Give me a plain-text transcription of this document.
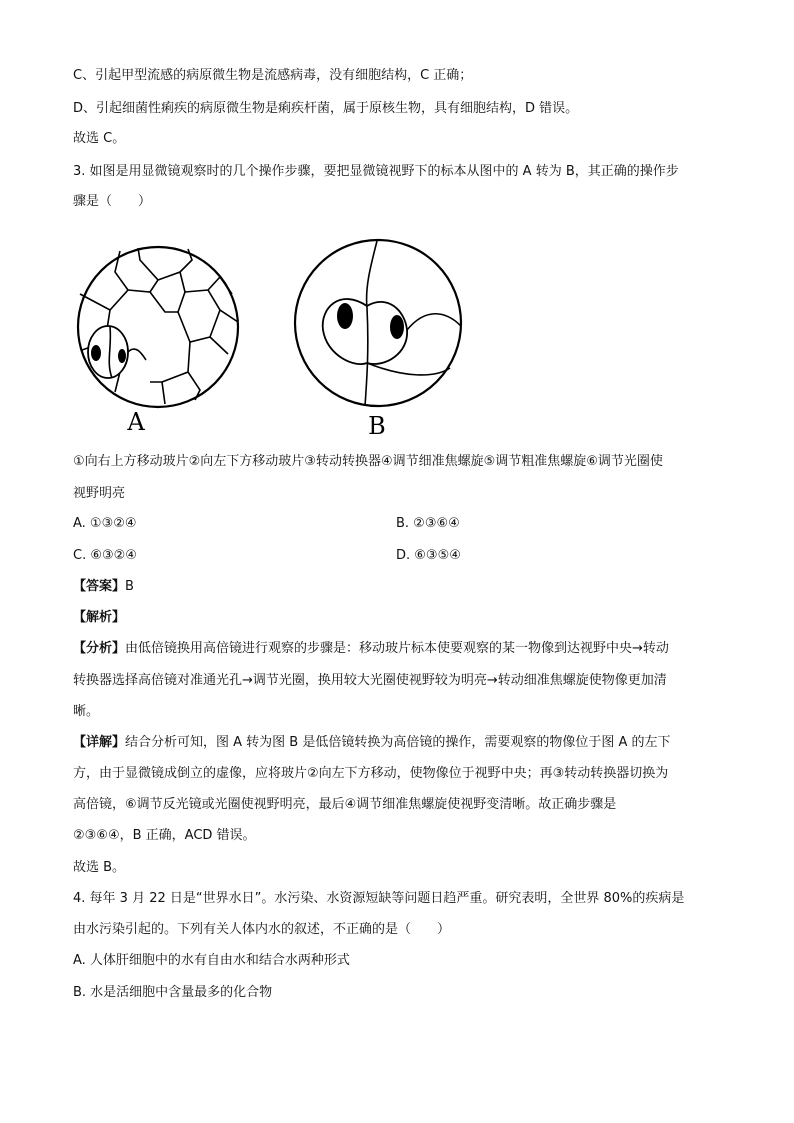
C、引起甲型流感的病原微生物是流感病毒，没有细胞结构，C 正确；
D、引起细菌性痢疾的病原微生物是痢疾杆菌，属于原核生物，具有细胞结构，D 错误。
故选 C。
3. 如图是用显微镜观察时的几个操作步骤，要把显微镜视野下的标本从图中的 A 转为 B，其正确的操作步
骤是（　　）
A	B
①向右上方移动玻片②向左下方移动玻片③转动转换器④调节细准焦螺旋⑤调节粗准焦螺旋⑥调节光圈使
视野明亮
A. ①③②④	B. ②③⑥④
C. ⑥③②④	D. ⑥③⑤④
【答案】B
【解析】
【分析】由低倍镜换用高倍镜进行观察的步骤是：移动玻片标本使要观察的某一物像到达视野中央→转动
转换器选择高倍镜对准通光孔→调节光圈，换用较大光圈使视野较为明亮→转动细准焦螺旋使物像更加清
晰。
【详解】结合分析可知，图 A 转为图 B 是低倍镜转换为高倍镜的操作，需要观察的物像位于图 A 的左下
方，由于显微镜成倒立的虚像，应将玻片②向左下方移动，使物像位于视野中央；再③转动转换器切换为
高倍镜，⑥调节反光镜或光圈使视野明亮，最后④调节细准焦螺旋使视野变清晰。故正确步骤是
②③⑥④，B 正确，ACD 错误。
故选 B。
4. 每年 3 月 22 日是“世界水日”。水污染、水资源短缺等问题日趋严重。研究表明，全世界 80%的疾病是
由水污染引起的。下列有关人体内水的叙述，不正确的是（　　）
A. 人体肝细胞中的水有自由水和结合水两种形式
B. 水是活细胞中含量最多的化合物
